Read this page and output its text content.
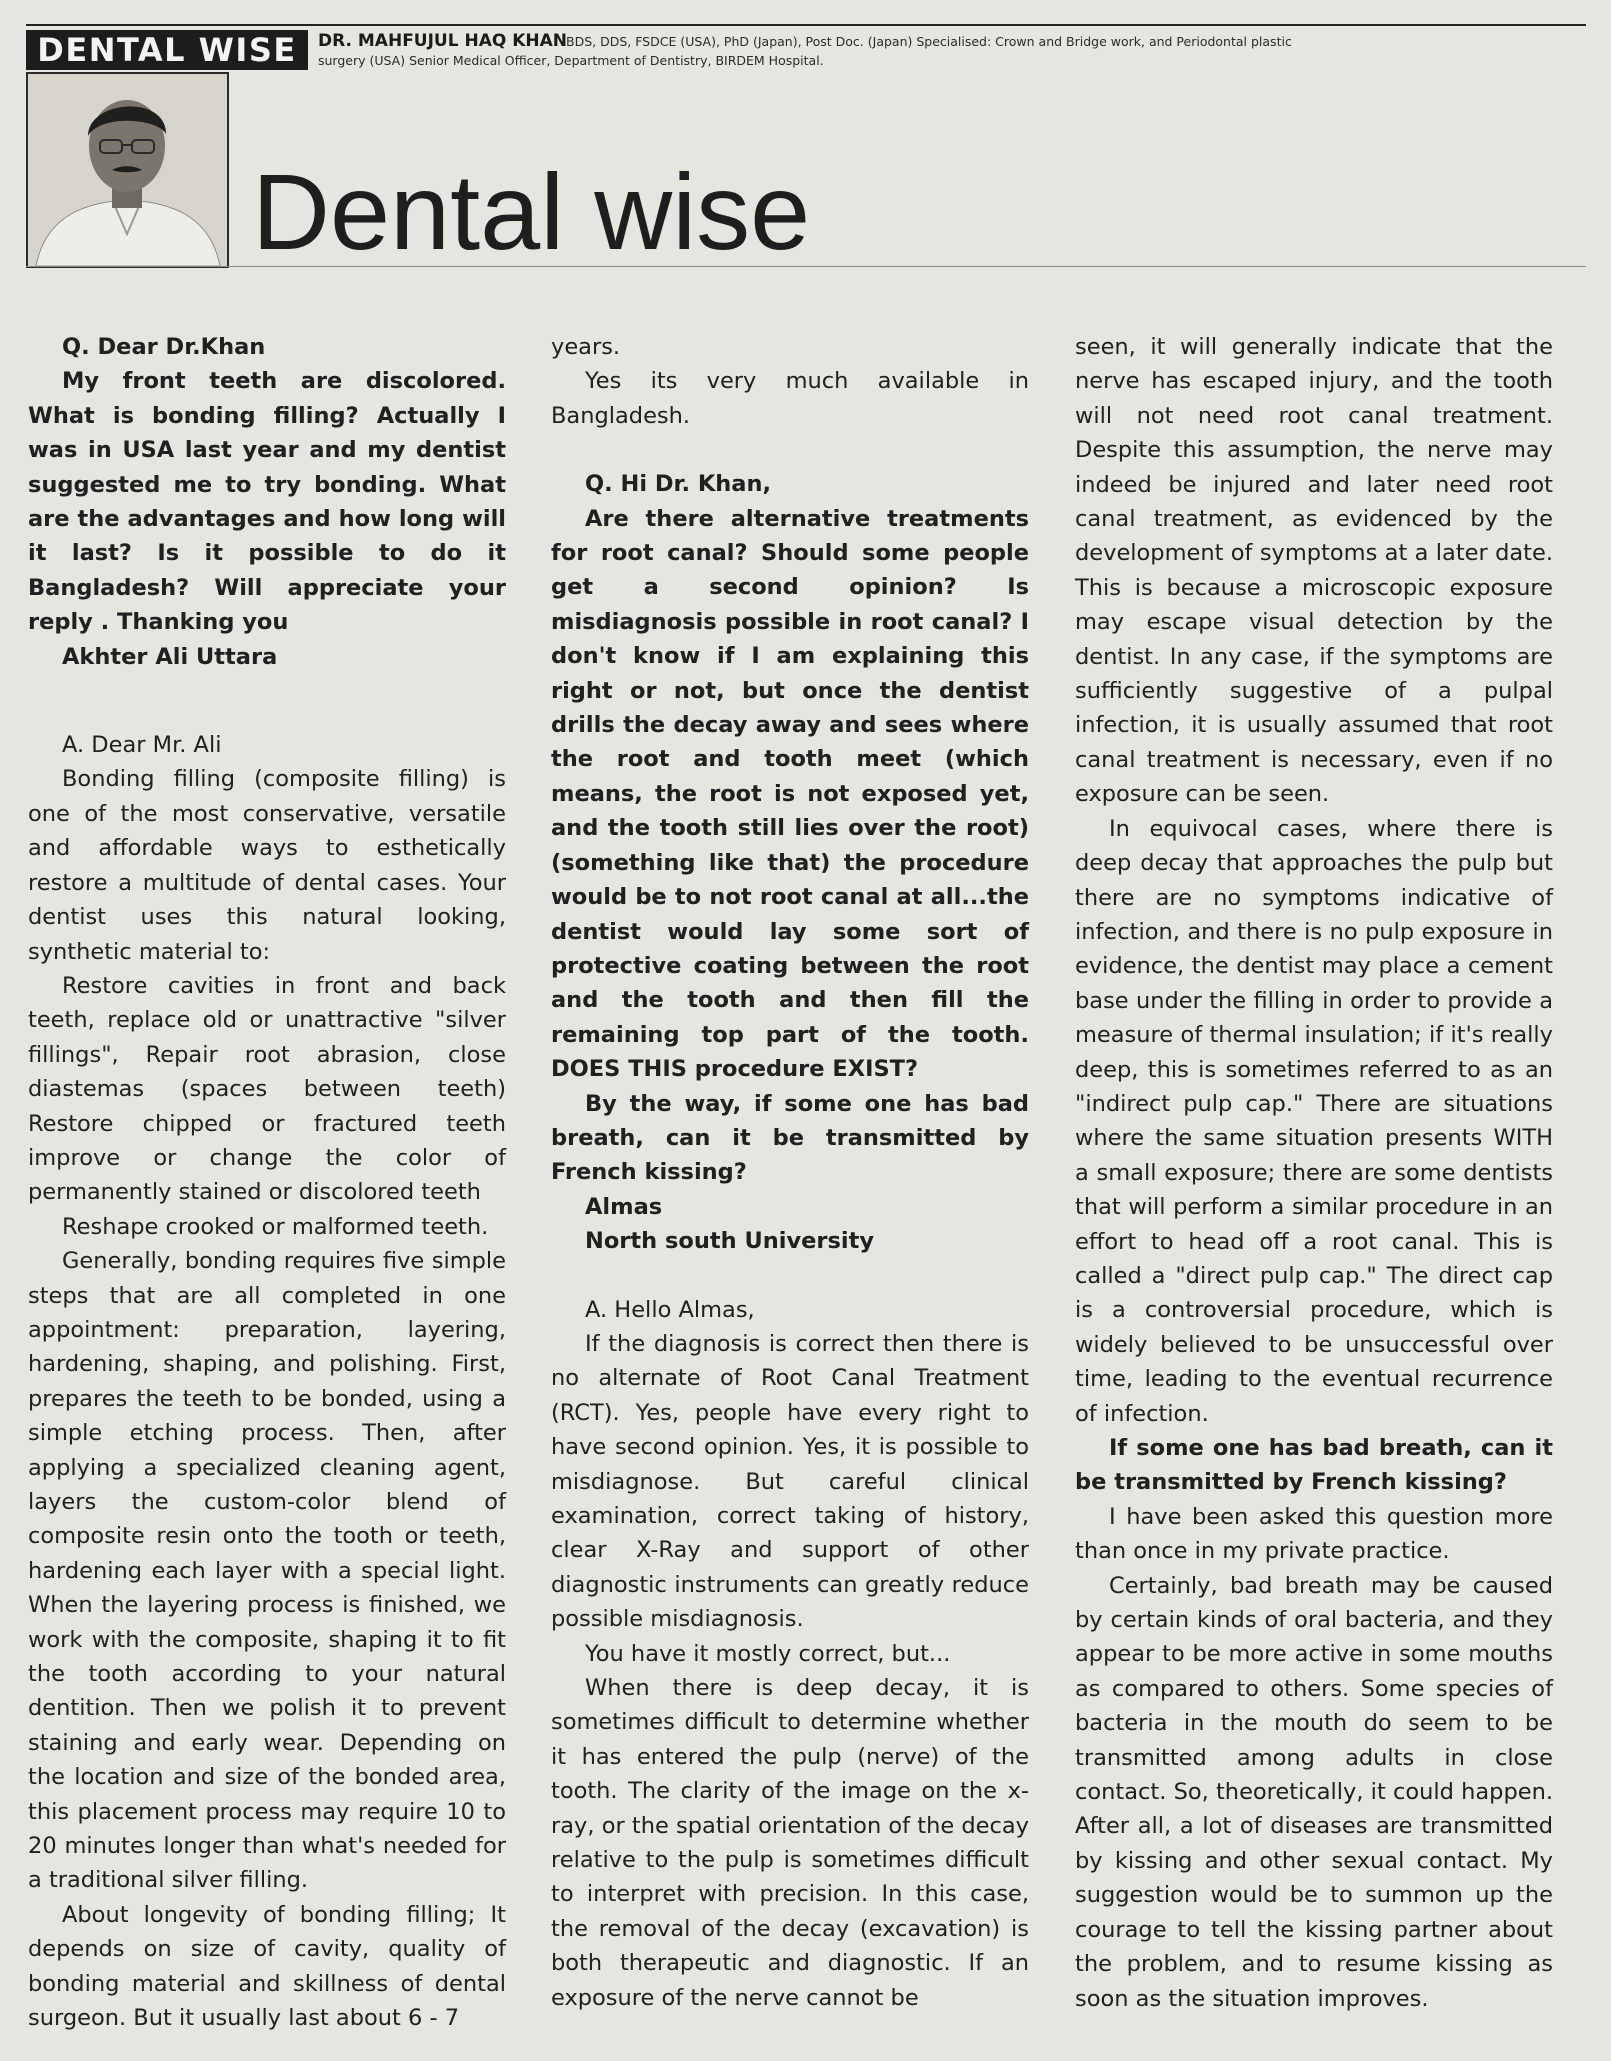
DENTAL WISE	DR. MAHFUJUL HAQ KHAN
BDS, DDS, FSDCE (USA), PhD (Japan), Post Doc. (Japan) Specialised: Crown and Bridge work, and Periodontal plastic
surgery (USA) Senior Medical Officer, Department of Dentistry, BIRDEM Hospital.
Dental wise

Q. Dear Dr.Khan

My front teeth are discolored. What is bonding filling? Actually I was in USA last year and my dentist suggested me to try bonding. What are the advantages and how long will it last? Is it possible to do it Bangladesh? Will appreciate your reply . Thanking you

Akhter Ali Uttara

A. Dear Mr. Ali

Bonding filling (composite filling) is one of the most conservative, versatile and affordable ways to esthetically restore a multitude of dental cases. Your dentist uses this natural looking, synthetic material to:

Restore cavities in front and back teeth, replace old or unattractive "silver fillings", Repair root abrasion, close diastemas (spaces between teeth) Restore chipped or fractured teeth improve or change the color of permanently stained or discolored teeth

Reshape crooked or malformed teeth.

Generally, bonding requires five simple steps that are all completed in one appointment: preparation, layering, hardening, shaping, and polishing. First, prepares the teeth to be bonded, using a simple etching process. Then, after applying a specialized cleaning agent, layers the custom-color blend of composite resin onto the tooth or teeth, hardening each layer with a special light. When the layering process is finished, we work with the composite, shaping it to fit the tooth according to your natural dentition. Then we polish it to prevent staining and early wear. Depending on the location and size of the bonded area, this placement process may require 10 to 20 minutes longer than what's needed for a traditional silver filling.

About longevity of bonding filling; It depends on size of cavity, quality of bonding material and skillness of dental surgeon. But it usually last about 6 - 7

years.

Yes its very much available in Bangladesh.

Q. Hi Dr. Khan,

Are there alternative treatments for root canal? Should some people get a second opinion? Is misdiagnosis possible in root canal? I don't know if I am explaining this right or not, but once the dentist drills the decay away and sees where the root and tooth meet (which means, the root is not exposed yet, and the tooth still lies over the root) (something like that) the procedure would be to not root canal at all...the dentist would lay some sort of protective coating between the root and the tooth and then fill the remaining top part of the tooth. DOES THIS procedure EXIST?

By the way, if some one has bad breath, can it be transmitted by French kissing?

Almas

North south University

A. Hello Almas,

If the diagnosis is correct then there is no alternate of Root Canal Treatment (RCT). Yes, people have every right to have second opinion. Yes, it is possible to misdiagnose. But careful clinical examination, correct taking of history, clear X-Ray and support of other diagnostic instruments can greatly reduce possible misdiagnosis.

You have it mostly correct, but...

When there is deep decay, it is sometimes difficult to determine whether it has entered the pulp (nerve) of the tooth. The clarity of the image on the x-ray, or the spatial orientation of the decay relative to the pulp is sometimes difficult to interpret with precision. In this case, the removal of the decay (excavation) is both therapeutic and diagnostic. If an exposure of the nerve cannot be

seen, it will generally indicate that the nerve has escaped injury, and the tooth will not need root canal treatment. Despite this assumption, the nerve may indeed be injured and later need root canal treatment, as evidenced by the development of symptoms at a later date. This is because a microscopic exposure may escape visual detection by the dentist. In any case, if the symptoms are sufficiently suggestive of a pulpal infection, it is usually assumed that root canal treatment is necessary, even if no exposure can be seen.

In equivocal cases, where there is deep decay that approaches the pulp but there are no symptoms indicative of infection, and there is no pulp exposure in evidence, the dentist may place a cement base under the filling in order to provide a measure of thermal insulation; if it's really deep, this is sometimes referred to as an "indirect pulp cap." There are situations where the same situation presents WITH a small exposure; there are some dentists that will perform a similar procedure in an effort to head off a root canal. This is called a "direct pulp cap." The direct cap is a controversial procedure, which is widely believed to be unsuccessful over time, leading to the eventual recurrence of infection.

If some one has bad breath, can it be transmitted by French kissing?

I have been asked this question more than once in my private practice.

Certainly, bad breath may be caused by certain kinds of oral bacteria, and they appear to be more active in some mouths as compared to others. Some species of bacteria in the mouth do seem to be transmitted among adults in close contact. So, theoretically, it could happen. After all, a lot of diseases are transmitted by kissing and other sexual contact. My suggestion would be to summon up the courage to tell the kissing partner about the problem, and to resume kissing as soon as the situation improves.
